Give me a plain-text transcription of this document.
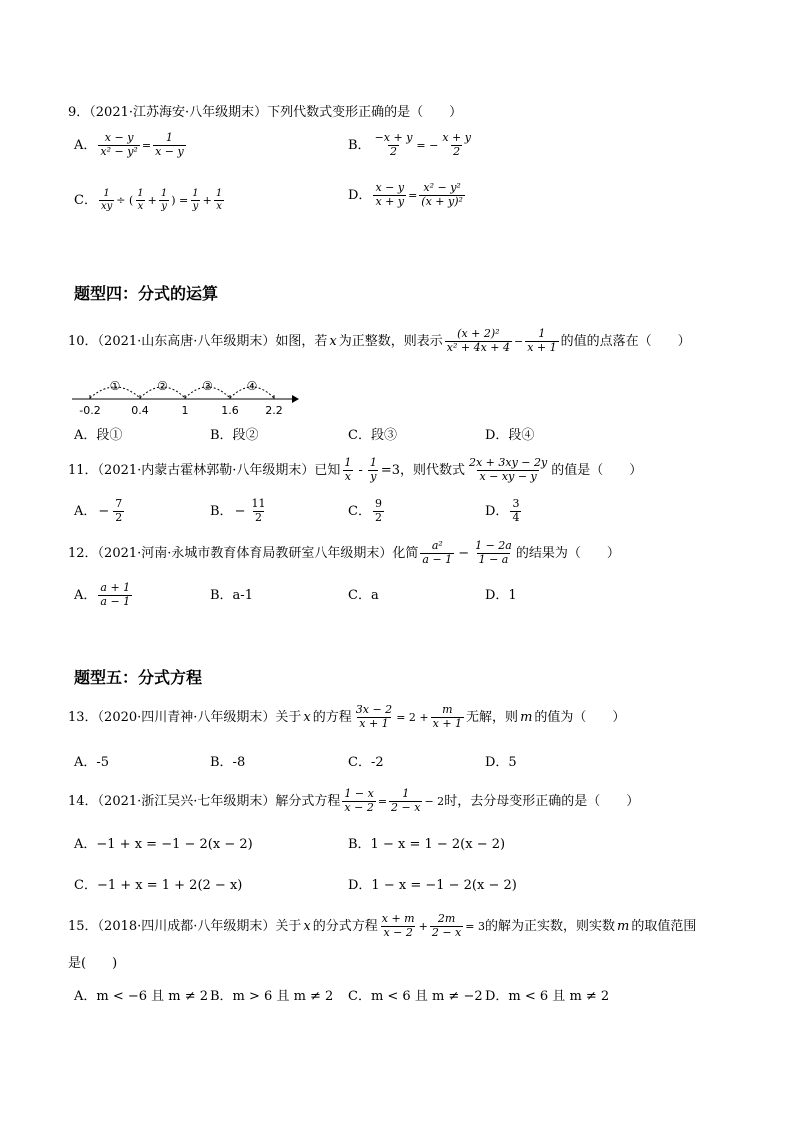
9．（2021·江苏海安·八年级期末）下列代数式变形正确的是（　　）
A． $\frac{x - y}{\text{x² − y²}} = \frac{1}{x - y}$	B． $\frac{-x + y}{2}$ = − $\frac{x + y}{2}$
C． $\frac{1}{xy}$ ÷ ( $\frac{1}{x} + \frac{1}{y}$ ) = $\frac{1}{y} + \frac{1}{x}$	D． $\frac{x - y}{x + y} = \frac{\text{x² − y²}}{\text{(x + y)²}}$
题型四：分式的运算
10．（2021·山东高唐·八年级期末）如图，若 x 为正整数，则表示 $\frac{\text{(x + 2)²}}{\text{x² + 4x + 4}} - \frac{1}{x + 1}$ 的值的点落在（　　）
-0.2	0.4	1	1.6 2.2
①	②	③	④
A．段①	B．段②	C．段③	D．段④
11．（2021·内蒙古霍林郭勒·八年级期末）已知 $\frac{1}{x} - \frac{1}{y} =3$，则代数式 $\frac{2x + 3xy - 2y}{x - xy - y}$ 的值是（　　）
A． − $\frac{7}{2}$	B． − $\frac{11}{2}$	C． $\frac{9}{2}$	D． $\frac{3}{4}$
12．（2021·河南·永城市教育体育局教研室八年级期末）化简 $\frac{\text{a²}}{a - 1} - \frac{1 - 2a}{1 - a}$ 的结果为（　　）
A． $\frac{a + 1}{a - 1}$	B．a-1	C．a	D．1
题型五：分式方程
13．（2020·四川青神·八年级期末）关于 x 的方程 $\frac{3x - 2}{x + 1} = 2 + \frac{m}{x + 1}$ 无解，则 m 的值为（　　）
A．-5	B．-8	C．-2	D．5
14．（2021·浙江吴兴·七年级期末）解分式方程 $\frac{1 - x}{x - 2} = \frac{1}{2 - x} - 2$ 时，去分母变形正确的是（　　）
A．−1 + x = −1 − 2(x − 2)	B．1 − x = 1 − 2(x − 2)
C．−1 + x = 1 + 2(2 − x)	D．1 − x = −1 − 2(x − 2)
15．（2018·四川成都·八年级期末）关于 x 的分式方程 $\frac{x + m}{x - 2} + \frac{2m}{2 - x} = 3$ 的解为正实数，则实数 m 的取值范围
是(　　)
A．m < −6 且 m ≠ 2 B．m > 6 且 m ≠ 2 C．m < 6 且 m ≠ −2 D．m < 6 且 m ≠ 2
